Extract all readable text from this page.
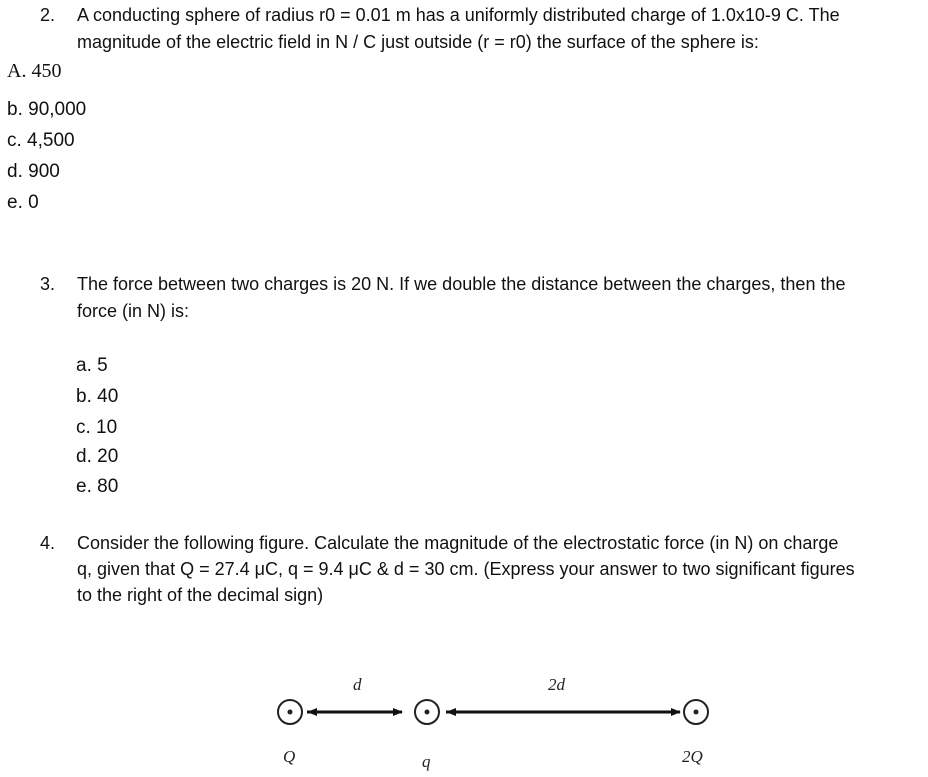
2. A conducting sphere of radius r0 = 0.01 m has a uniformly distributed charge of 1.0x10-9 C. The
magnitude of the electric field in N / C just outside (r = r0) the surface of the sphere is:
A. 450
b. 90,000
c. 4,500
d. 900
e. 0
3. The force between two charges is 20 N. If we double the distance between the charges, then the
force (in N) is:
a. 5
b. 40
c. 10
d. 20
e. 80
4. Consider the following figure. Calculate the magnitude of the electrostatic force (in N) on charge
q, given that Q = 27.4 μC, q = 9.4 μC & d = 30 cm. (Express your answer to two significant figures
to the right of the decimal sign)
d	2d
Q	q	2Q
